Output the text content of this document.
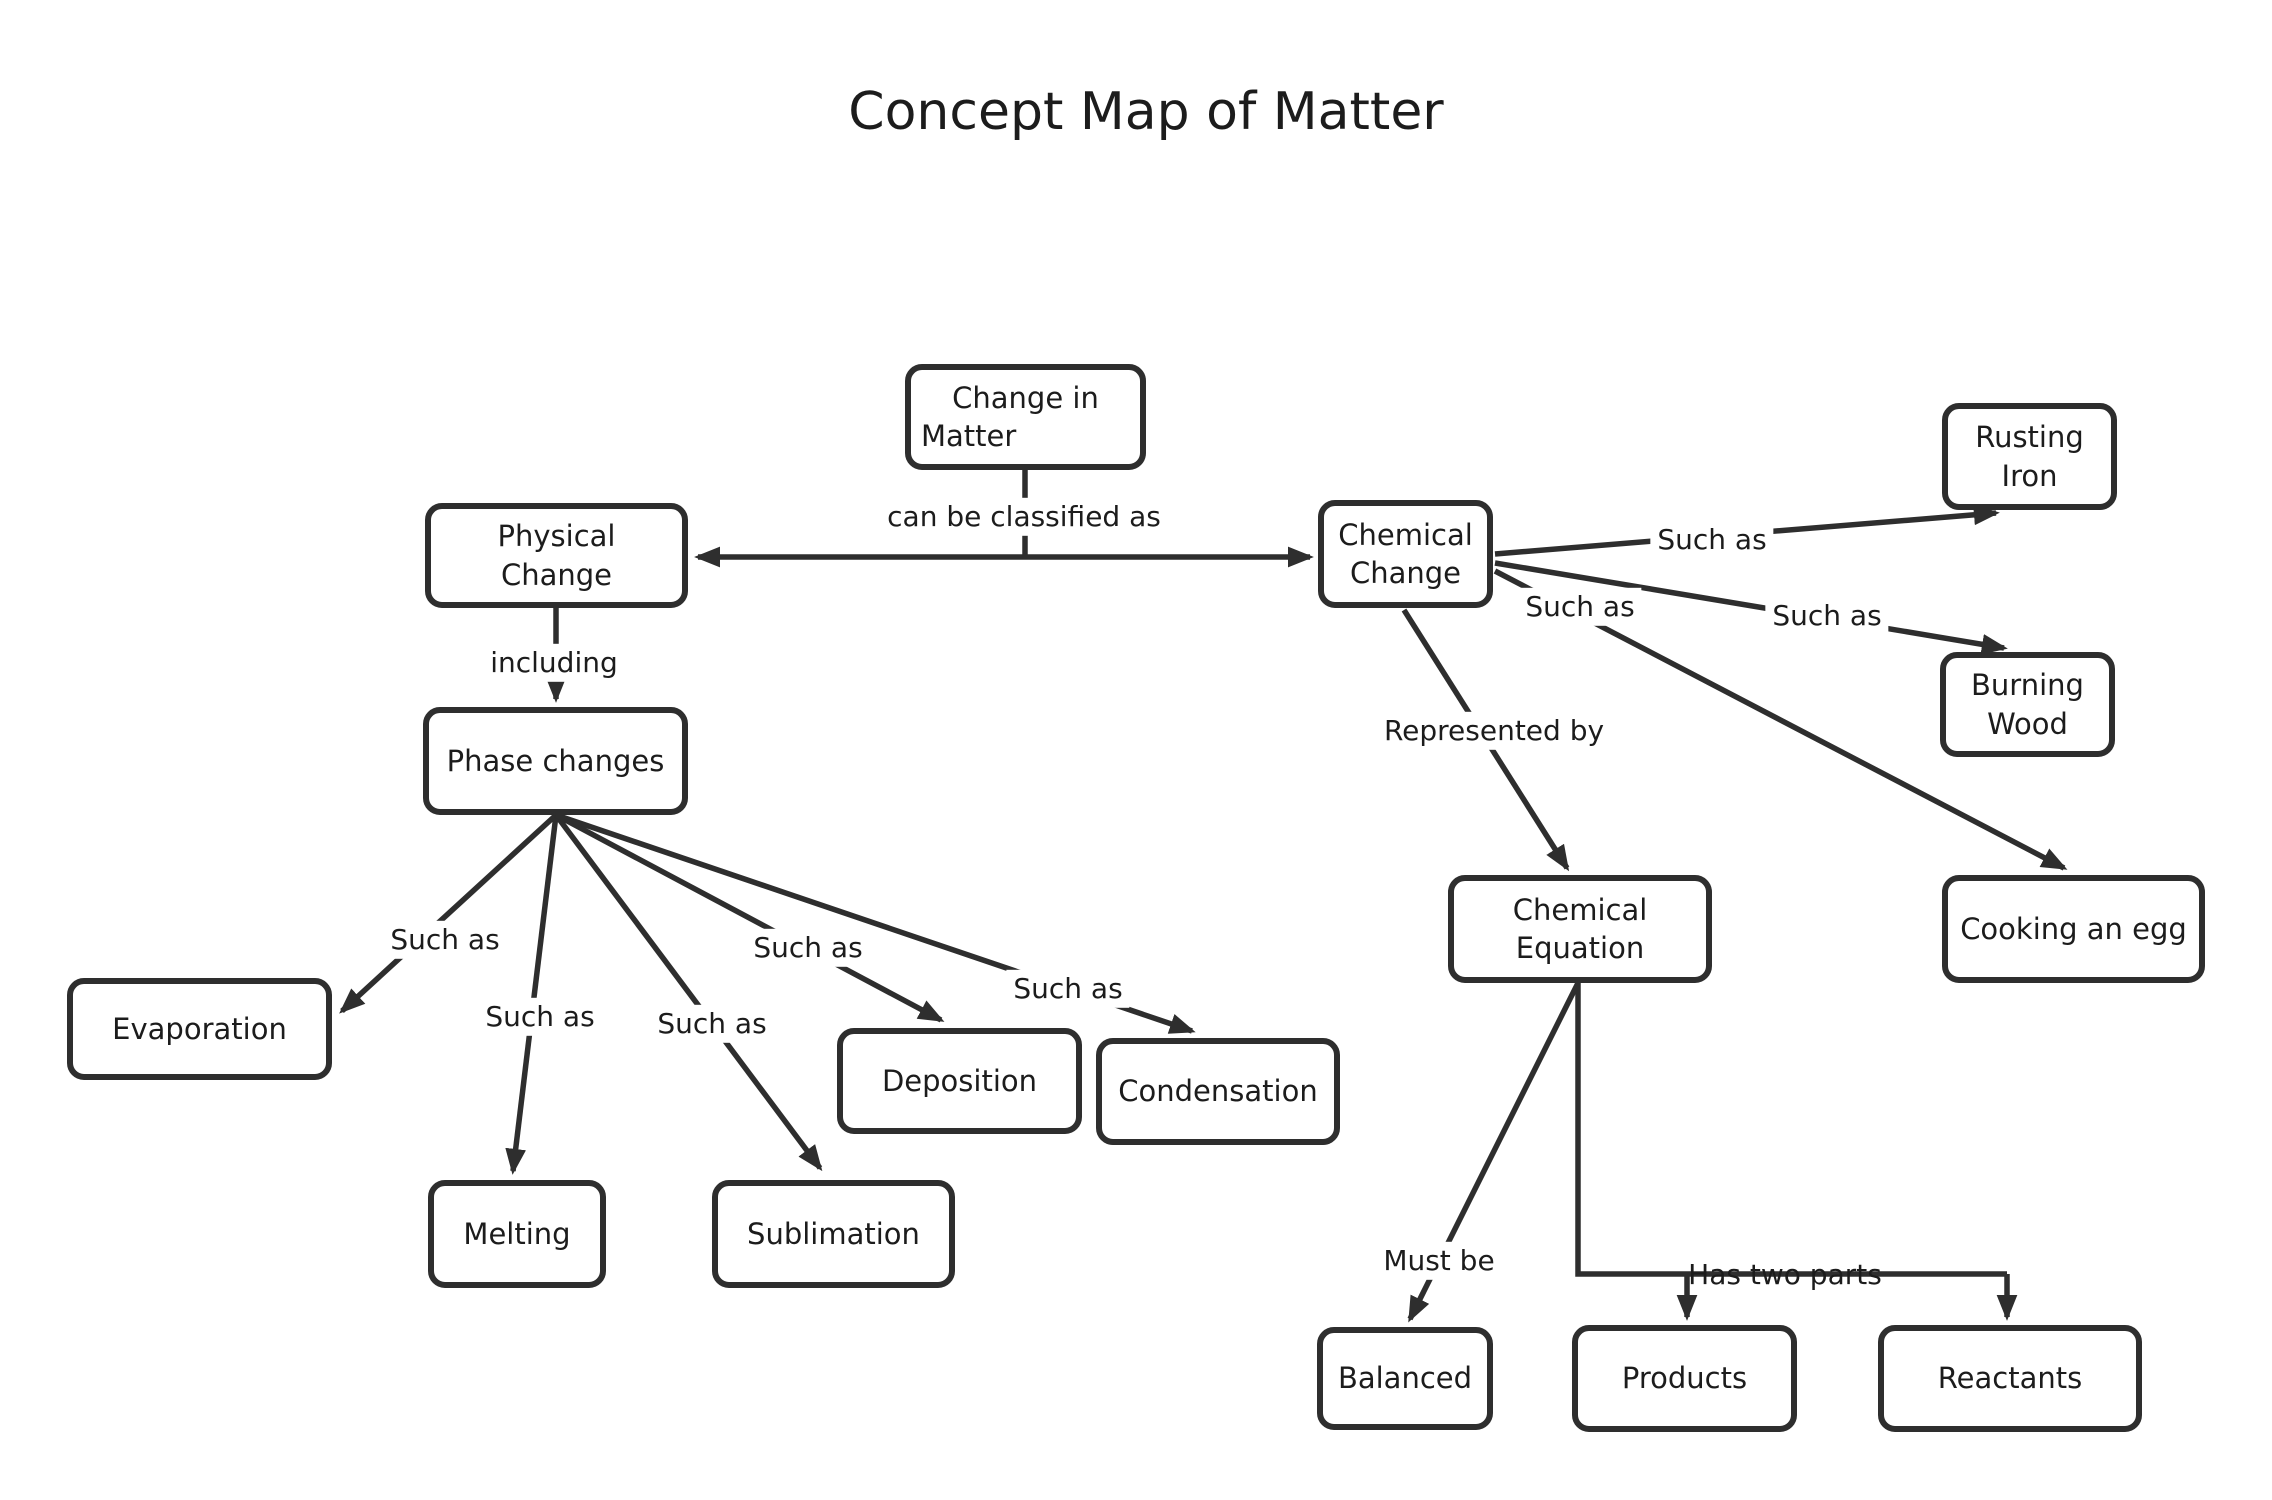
Concept Map of Matter
Change in
Matter
Physical
Change
Chemical
Change
Phase changes
Rusting
Iron
Burning
Wood
Cooking an egg
Chemical
Equation
Evaporation
Melting	Sublimation
Deposition	Condensation
Balanced	Products	Reactants
can be classified as
including
Such as
Such as Such as
Such as
Such as
Such as
Such as	Such as
Represented by
Must be	Has two parts
